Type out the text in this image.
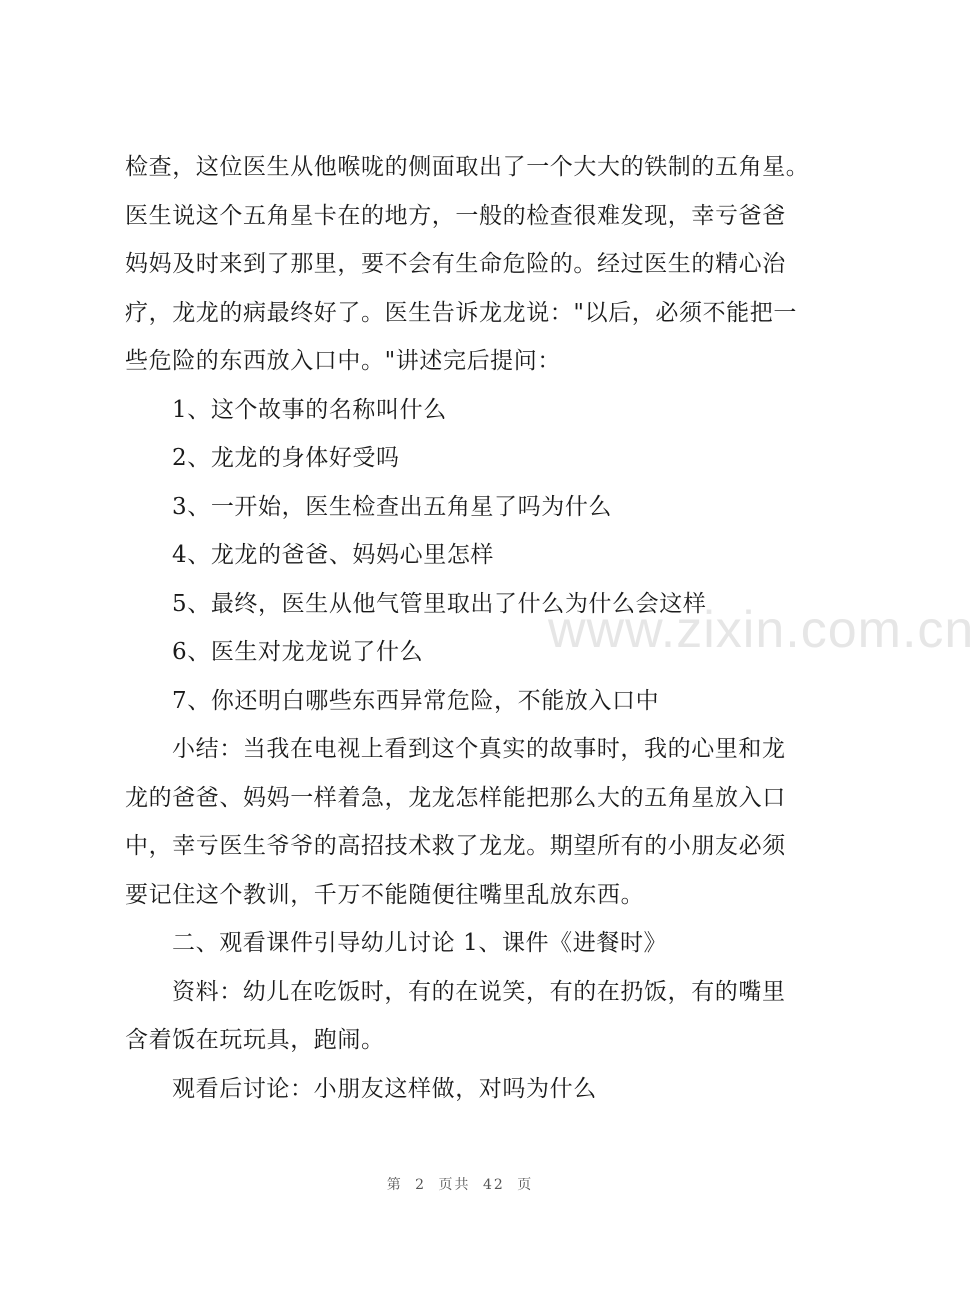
www.zixin.com.cn
检查，这位医生从他喉咙的侧面取出了一个大大的铁制的五角星。
医生说这个五角星卡在的地方，一般的检查很难发现，幸亏爸爸
妈妈及时来到了那里，要不会有生命危险的。经过医生的精心治
疗，龙龙的病最终好了。医生告诉龙龙说："以后，必须不能把一
些危险的东西放入口中。"讲述完后提问：
1、这个故事的名称叫什么
2、龙龙的身体好受吗
3、一开始，医生检查出五角星了吗为什么
4、龙龙的爸爸、妈妈心里怎样
5、最终，医生从他气管里取出了什么为什么会这样
6、医生对龙龙说了什么
7、你还明白哪些东西异常危险，不能放入口中
小结：当我在电视上看到这个真实的故事时，我的心里和龙
龙的爸爸、妈妈一样着急，龙龙怎样能把那么大的五角星放入口
中，幸亏医生爷爷的高招技术救了龙龙。期望所有的小朋友必须
要记住这个教训，千万不能随便往嘴里乱放东西。
二、观看课件引导幼儿讨论 1、课件《进餐时》
资料：幼儿在吃饭时，有的在说笑，有的在扔饭，有的嘴里
含着饭在玩玩具，跑闹。
观看后讨论：小朋友这样做，对吗为什么
第 2 页共 42 页
